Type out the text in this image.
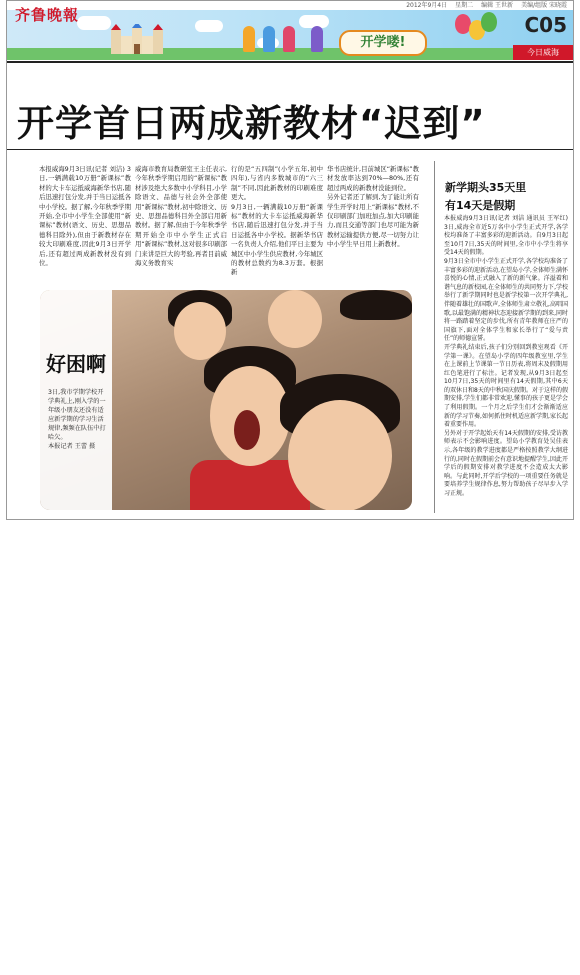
2012年9月4日 星期二 编辑 王世新 美编/组版 宋晓霞
开学喽!
齐鲁晚報	C05
今日威海
开学首日两成新教材“迟到”
本报威海9月3日讯(记者 刘洁) 3日,一辆满载10万册“新课标”教材的大卡车运抵威海新华书店,随后迅速打包分发,并于当日运抵各中小学校。据了解,今年秋季学期开始,全市中小学生全部使用“新课标”教材(语文、历史、思想品德科目除外),但由于新教材存在较大印刷难度,因此9月3日开学后,还有超过两成新教材没有到位。
威海市教育局教研室王主任表示,今年秋季学期启用的“新课标”教材涉及绝大多数中小学科目,小学除语文、品德与社会外全部使用“新课标”教材,初中除语文、历史、思想品德科目外全部启用新教材。据了解,但由于今年秋季学期开始全市中小学生正式启用“新课标”教材,这对很多印刷部门来讲是巨大的考验,再者目前威海义务教育实
行的是“五四制”(小学五年,初中四年),与省内多数城市的“六三制”不同,因此新教材的印刷难度更大。
9月3日,一辆满载10万册“新课标”教材的大卡车运抵威海新华书店,随后迅速打包分发,并于当日运抵各中小学校。据新华书店一名负责人介绍,他们平日主要为城区中小学生供应教材,今年城区的教材总数约为8.3万套。根据新
华书店统计,目前城区“新课标”教材发放率达到70%—80%,还有超过两成的新教材没能到位。
另外记者还了解到,为了能让所有学生开学时用上“新课标”教材,不仅印刷部门加班加点,加大印刷能力,而且交通等部门也尽可能为新教材运输提供方便,尽一切努力让中小学生早日用上新教材。
好困啊
3日,我市学期学校开学典礼上,刚入学的一年级小朋友还没有适应新学期的学习生活规律,频频在队伍中打哈欠。
本报记者 王蕾 摄
新学期头35天里
有14天是假期
本报威海9月3日讯(记者 刘洁 通讯员 王军红) 3日,威海全市近5万名中小学生正式开学,各学校均准备了丰富多彩的迎新活动。自9月3日起至10月7日,35天的时间里,全市中小学生将享受14天的假期。
9月3日全市中小学生正式开学,各学校均准备了丰富多彩的迎新活动,在望岛小学,全体师生满怀喜悦的心情,正式融入了新的新气象。洋溢着和谐气息的新校园,在全体师生的共同努力下,学校举行了新学期同时也是新学校第一次开学典礼,伴随着雄壮的国歌声,全体师生肃立敬礼,高唱国歌,以最饱满的精神状态迎接新学期的到来,同时将一路踏着坚定的步伐,所有青年教师在庄严的国旗下,面对全体学生和家长举行了“爱与责任”的师德宣誓。
开学典礼结束后,孩子们分别回到教室观看《开学第一课》。在望岛小学的四年级教室里,学生在上课前上节课第一节日历表,将周末及假期用红色笔进行了标注。记者发现,从9月3日起至10月7日,35天的时间里有14天假期,其中6天的双休日和8天的中秋国庆假期。对于这样的假期安排,学生们都非常欢迎,懂事的孩子更是学会了利用假期。一个月之后学生们才会渐渐适应新的学习节奏,如何抓住时机适应新学期,家长起着重要作用。
另外对于开学起始天有14天假期的安排,受访教师表示不会影响进度。望岛小学教育处吴佳表示,各年级的教学进度都是严格按照教学大纲进行的,同时在假期前会有意识地提醒学生,因此开学后的假期安排对教学进度不会造成太大影响。与此同时,开学后学校的一项重要任务就是要培养学生规律作息,努力帮助孩子尽早步入学习正规。
